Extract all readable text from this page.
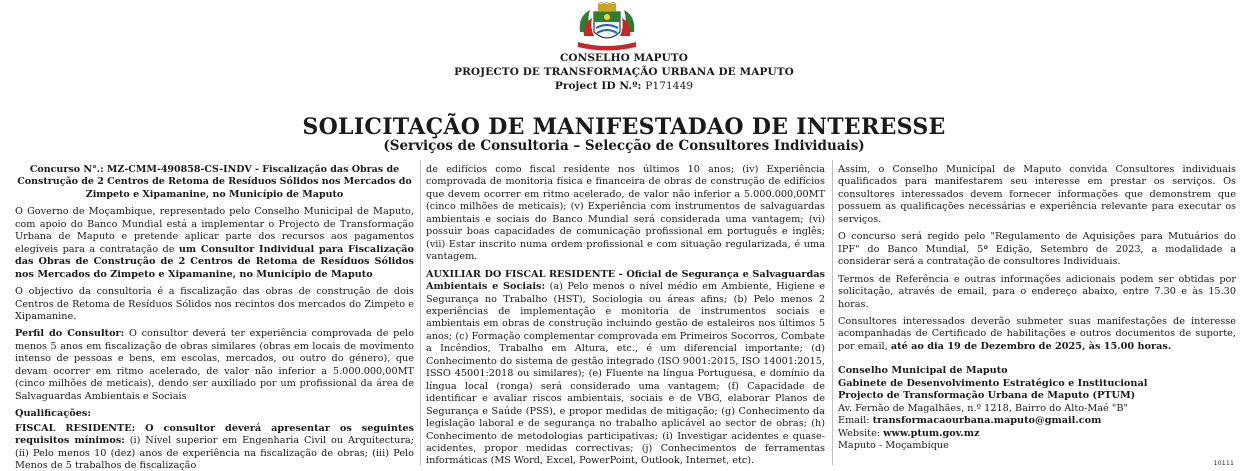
CONSELHO MAPUTO
PROJECTO DE TRANSFORMAÇÃO URBANA DE MAPUTO
Project ID N.º: P171449
SOLICITAÇÃO DE MANIFESTADAO DE INTERESSE
(Serviços de Consultoria – Selecção de Consultores Individuais)

Concurso N°.: MZ-CMM-490858-CS-INDV - Fiscalização das Obras de Construção de 2 Centros de Retoma de Resíduos Sólidos nos Mercados do Zimpeto e Xipamanine, no Município de Maputo

O Governo de Moçambique, representado pelo Conselho Municipal de Maputo, com apoio do Banco Mundial está a implementar o Projecto de Transformação Urbana de Maputo e pretende aplicar parte dos recursos aos pagamentos elegíveis para a contratação de um Consultor Individual para Fiscalização das Obras de Construção de 2 Centros de Retoma de Resíduos Sólidos nos Mercados do Zimpeto e Xipamanine, no Município de Maputo

O objectivo da consultoria é a fiscalização das obras de construção de dois Centros de Retoma de Resíduos Sólidos nos recintos dos mercados do Zimpeto e Xipamanine.

Perfil do Consultor: O consultor deverá ter experiência comprovada de pelo menos 5 anos em fiscalização de obras similares (obras em locais de movimento intenso de pessoas e bens, em escolas, mercados, ou outro do género), que devam ocorrer em ritmo acelerado, de valor não inferior a 5.000.000,00MT (cinco milhões de meticais), dendo ser auxiliado por um profissional da área de Salvaguardas Ambientais e Sociais

Qualificações:

FISCAL RESIDENTE: O consultor deverá apresentar os seguintes requisitos mínimos: (i) Nível superior em Engenharia Civil ou Arquitectura; (ii) Pelo menos 10 (dez) anos de experiência na fiscalização de obras; (iii) Pelo Menos de 5 trabalhos de fiscalização

de edifícios como fiscal residente nos últimos 10 anos; (iv) Experiência comprovada de monitoria física e financeira de obras de construção de edifícios que devem ocorrer em ritmo acelerado, de valor não inferior a 5.000.000,00MT (cinco milhões de meticais); (v) Experiência com instrumentos de salvaguardas ambientais e sociais do Banco Mundial será considerada uma vantagem; (vi) possuir boas capacidades de comunicação profissional em português e inglês; (vii) Estar inscrito numa ordem profissional e com situação regularizada, é uma vantagem.

AUXILIAR DO FISCAL RESIDENTE - Oficial de Segurança e Salvaguardas Ambientais e Sociais: (a) Pelo menos o nível médio em Ambiente, Higiene e Segurança no Trabalho (HST), Sociologia ou áreas afins; (b) Pelo menos 2 experiências de implementação e monitoria de instrumentos sociais e ambientais em obras de construção incluindo gestão de estaleiros nos últimos 5 anos; (c) Formação complementar comprovada em Primeiros Socorros, Combate a Incêndios, Trabalho em Altura, etc., é um diferencial importante; (d) Conhecimento do sistema de gestão integrado (ISO 9001:2015, ISO 14001:2015, ISSO 45001:2018 ou similares); (e) Fluente na língua Portuguesa, e domínio da língua local (ronga) será considerado uma vantagem; (f) Capacidade de identificar e avaliar riscos ambientais, sociais e de VBG, elaborar Planos de Segurança e Saúde (PSS), e propor medidas de mitigação; (g) Conhecimento da legislação laboral e de segurança no trabalho aplicável ao sector de obras; (h) Conhecimento de metodologias participativas; (i) Investigar acidentes e quase-acidentes, propor medidas correctivas; (j) Conhecimentos de ferramentas informáticas (MS Word, Excel, PowerPoint, Outlook, Internet, etc).

Assim, o Conselho Municipal de Maputo convida Consultores individuais qualificados para manifestarem seu interesse em prestar os serviços. Os consultores interessados devem fornecer informações que demonstrem que possuem as qualificações necessárias e experiência relevante para executar os serviços.

O concurso será regido pelo "Regulamento de Aquisições para Mutuários do IPF" do Banco Mundial, 5ª Edição, Setembro de 2023, a modalidade a considerar será a contratação de consultores Individuais.

Termos de Referência e outras informações adicionais podem ser obtidas por solicitação, através de email, para o endereço abaixo, entre 7.30 e às 15.30 horas.

Consultores interessados deverão submeter suas manifestações de interesse acompanhadas de Certificado de habilitações e outros documentos de suporte, por email, até ao dia 19 de Dezembro de 2025, às 15.00 horas.

Conselho Municipal de Maputo

Gabinete de Desenvolvimento Estratégico e Institucional

Projecto de Transformação Urbana de Maputo (PTUM)

Av. Fernão de Magalhães, n.º 1218, Bairro do Alto-Maé "B"

Email: transformacaourbana.maputo@gmail.com

Website: www.ptum.gov.mz

Maputo - Moçambique

10111
